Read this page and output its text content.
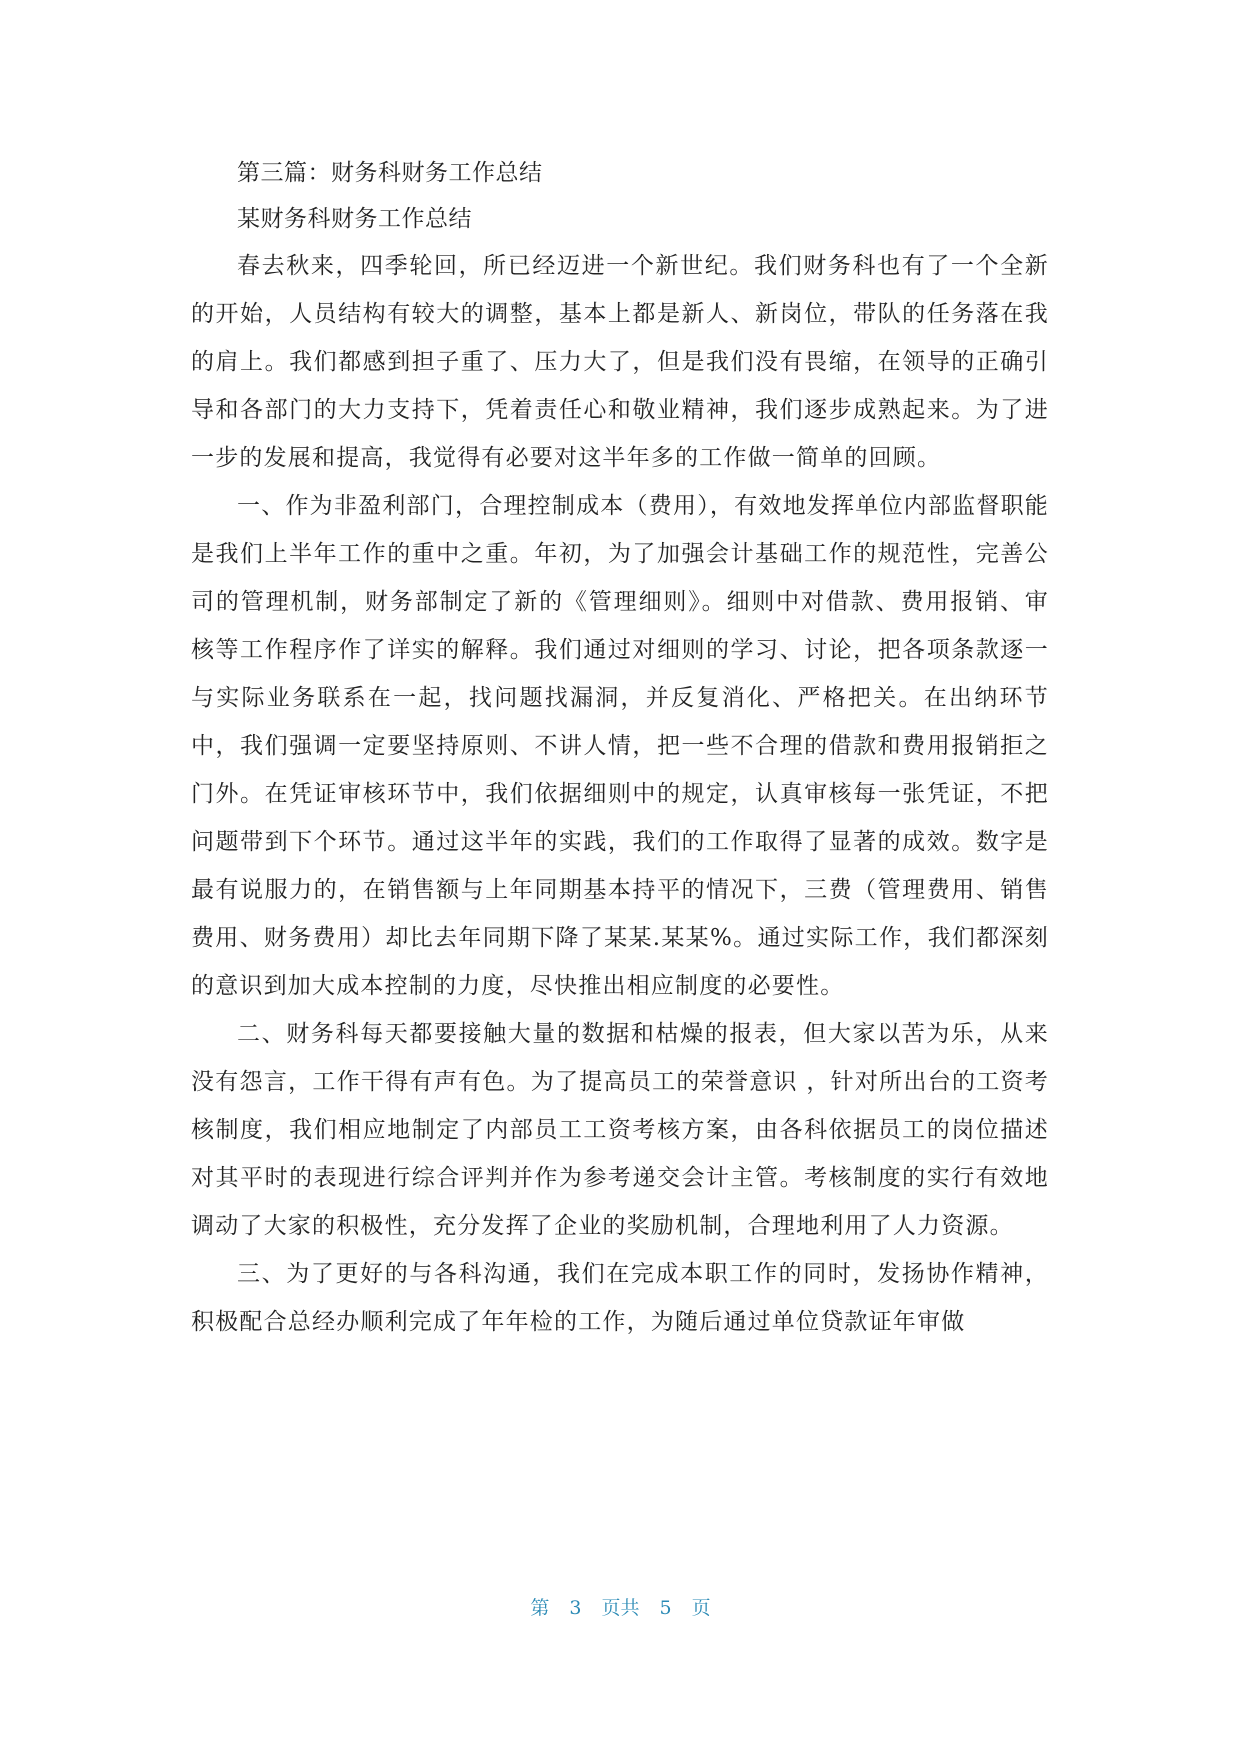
第三篇：财务科财务工作总结

某财务科财务工作总结

春去秋来，四季轮回，所已经迈进一个新世纪。我们财务科也有了一个全新的开始，人员结构有较大的调整，基本上都是新人、新岗位，带队的任务落在我的肩上。我们都感到担子重了、压力大了，但是我们没有畏缩，在领导的正确引导和各部门的大力支持下，凭着责任心和敬业精神，我们逐步成熟起来。为了进一步的发展和提高，我觉得有必要对这半年多的工作做一简单的回顾。

一、作为非盈利部门，合理控制成本（费用），有效地发挥单位内部监督职能是我们上半年工作的重中之重。年初，为了加强会计基础工作的规范性，完善公司的管理机制，财务部制定了新的《管理细则》。细则中对借款、费用报销、审核等工作程序作了详实的解释。我们通过对细则的学习、讨论，把各项条款逐一与实际业务联系在一起，找问题找漏洞，并反复消化、严格把关。在出纳环节中，我们强调一定要坚持原则、不讲人情，把一些不合理的借款和费用报销拒之门外。在凭证审核环节中，我们依据细则中的规定，认真审核每一张凭证，不把问题带到下个环节。通过这半年的实践，我们的工作取得了显著的成效。数字是最有说服力的，在销售额与上年同期基本持平的情况下，三费（管理费用、销售费用、财务费用）却比去年同期下降了某某.某某%。通过实际工作，我们都深刻的意识到加大成本控制的力度，尽快推出相应制度的必要性。

二、财务科每天都要接触大量的数据和枯燥的报表，但大家以苦为乐，从来没有怨言，工作干得有声有色。为了提高员工的荣誉意识 ，针对所出台的工资考核制度，我们相应地制定了内部员工工资考核方案，由各科依据员工的岗位描述对其平时的表现进行综合评判并作为参考递交会计主管。考核制度的实行有效地调动了大家的积极性，充分发挥了企业的奖励机制，合理地利用了人力资源。

三、为了更好的与各科沟通，我们在完成本职工作的同时，发扬协作精神，积极配合总经办顺利完成了年年检的工作，为随后通过单位贷款证年审做

第 3 页共 5 页
